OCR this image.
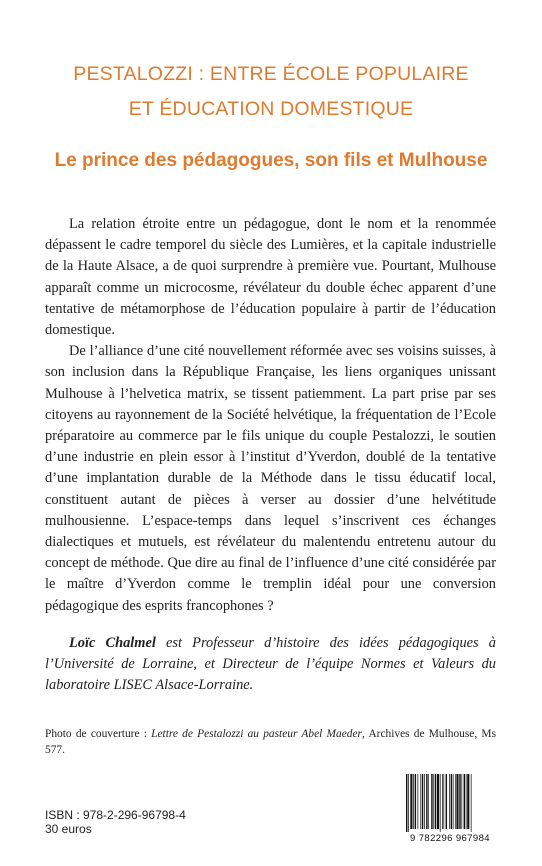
PESTALOZZI : ENTRE ÉCOLE POPULAIRE
ET ÉDUCATION DOMESTIQUE
Le prince des pédagogues, son fils et Mulhouse

La relation étroite entre un pédagogue, dont le nom et la renommée dépassent le cadre temporel du siècle des Lumières, et la capitale industrielle de la Haute Alsace, a de quoi surprendre à première vue. Pourtant, Mulhouse apparaît comme un microcosme, révélateur du double échec apparent d’une tentative de métamorphose de l’éducation populaire à partir de l’éducation domestique.

De l’alliance d’une cité nouvellement réformée avec ses voisins suisses, à son inclusion dans la République Française, les liens organiques unissant Mulhouse à l’helvetica matrix, se tissent patiemment. La part prise par ses citoyens au rayonnement de la Société helvétique, la fréquentation de l’Ecole préparatoire au commerce par le fils unique du couple Pestalozzi, le soutien d’une industrie en plein essor à l’institut d’Yverdon, doublé de la tentative d’une implantation durable de la Méthode dans le tissu éducatif local, constituent autant de pièces à verser au dossier d’une helvétitude mulhousienne. L’espace-temps dans lequel s’inscrivent ces échanges dialectiques et mutuels, est révélateur du malentendu entretenu autour du concept de méthode. Que dire au final de l’influence d’une cité considérée par le maître d’Yverdon comme le tremplin idéal pour une conversion pédagogique des esprits francophones ?

Loïc Chalmel est Professeur d’histoire des idées pédagogiques à l’Université de Lorraine, et Directeur de l’équipe Normes et Valeurs du laboratoire LISEC Alsace-Lorraine.
Photo de couverture : Lettre de Pestalozzi au pasteur Abel Maeder, Archives de Mulhouse, Ms 577.
ISBN : 978-2-296-96798-4
30 euros
9 782296 967984
